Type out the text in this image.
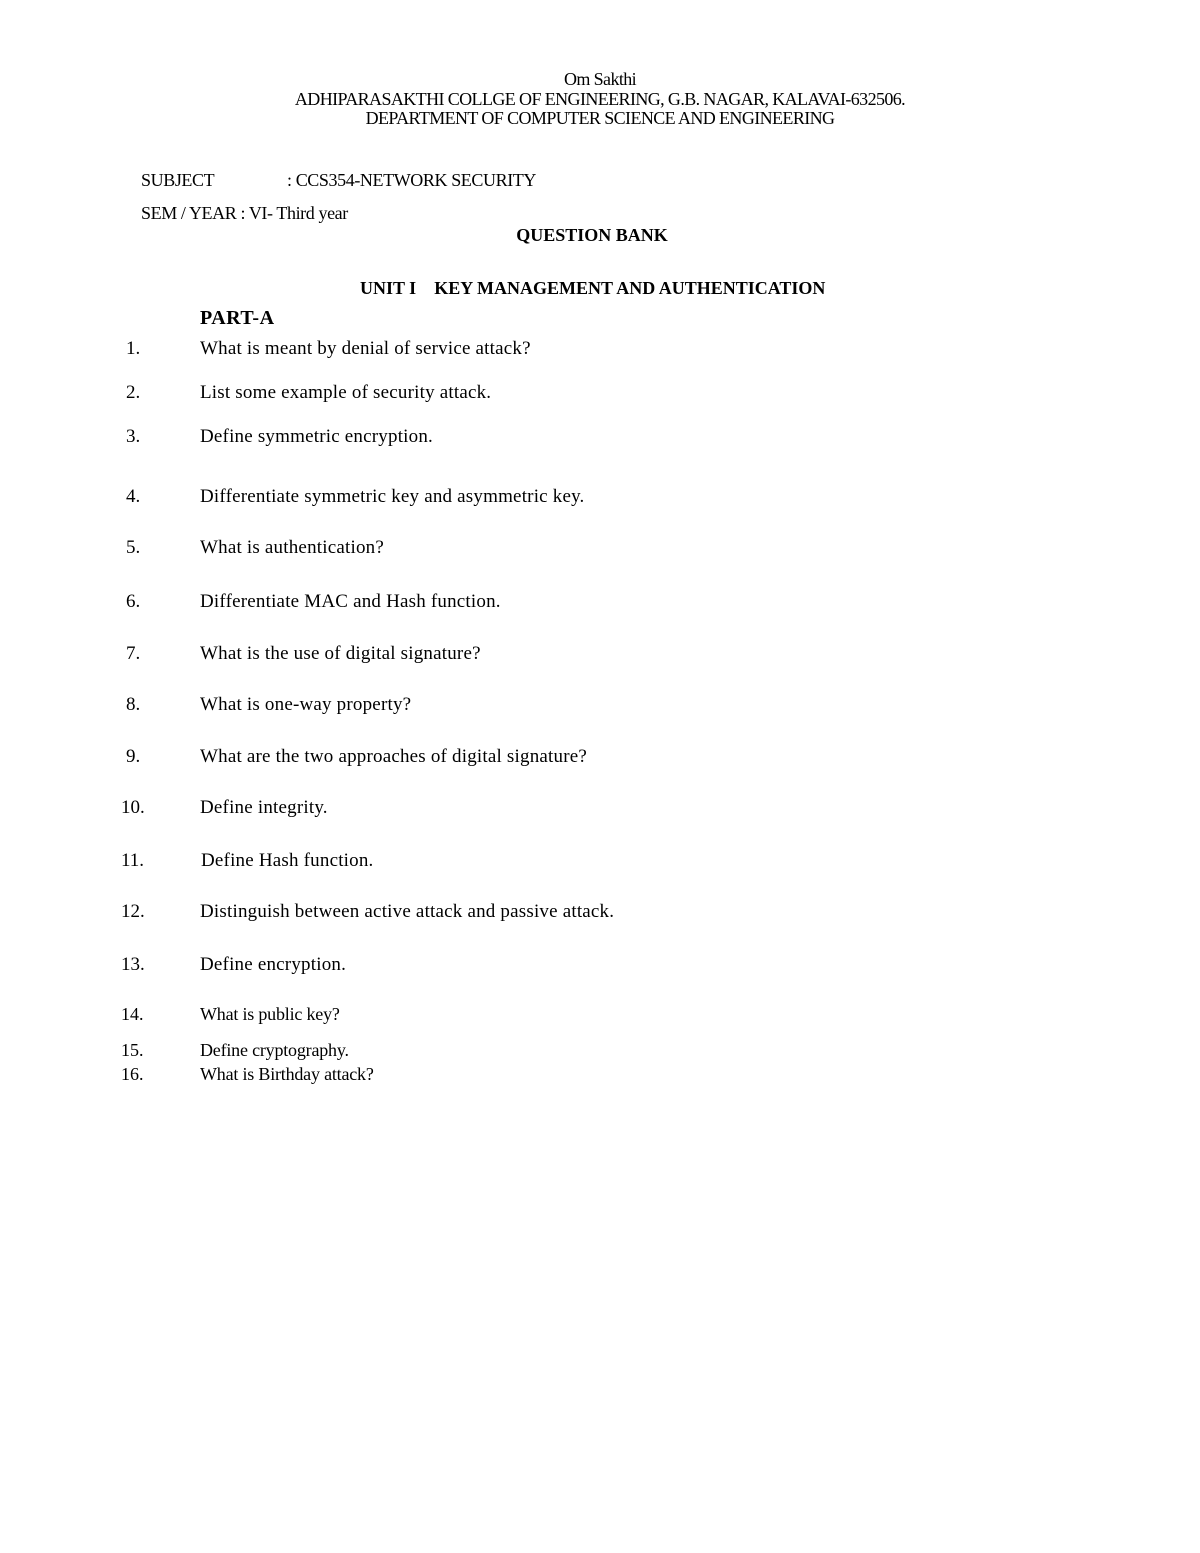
Om Sakthi
ADHIPARASAKTHI COLLGE OF ENGINEERING, G.B. NAGAR, KALAVAI-632506.
DEPARTMENT OF COMPUTER SCIENCE AND ENGINEERING
SUBJECT	: CCS354-NETWORK SECURITY
SEM / YEAR : VI- Third year
QUESTION BANK
UNIT I KEY MANAGEMENT AND AUTHENTICATION
PART-A
1.	What is meant by denial of service attack?
2.	List some example of security attack.
3.	Define symmetric encryption.
4.	Differentiate symmetric key and asymmetric key.
5.	What is authentication?
6.	Differentiate MAC and Hash function.
7.	What is the use of digital signature?
8.	What is one-way property?
9.	What are the two approaches of digital signature?
10.	Define integrity.
11.	Define Hash function.
12.	Distinguish between active attack and passive attack.
13.	Define encryption.
14.	What is public key?
15.	Define cryptography.
16.	What is Birthday attack?
